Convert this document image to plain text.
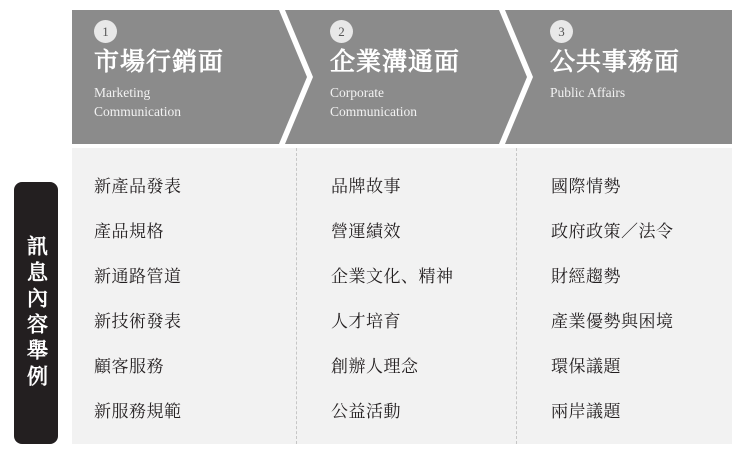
訊息內容舉例
1
市場行銷面
Marketing
Communication
2
企業溝通面
Corporate
Communication
3
公共事務面
Public Affairs
新產品發表
產品規格
新通路管道
新技術發表
顧客服務
新服務規範
品牌故事
營運績效
企業文化、精神
人才培育
創辦人理念
公益活動
國際情勢
政府政策／法令
財經趨勢
產業優勢與困境
環保議題
兩岸議題
